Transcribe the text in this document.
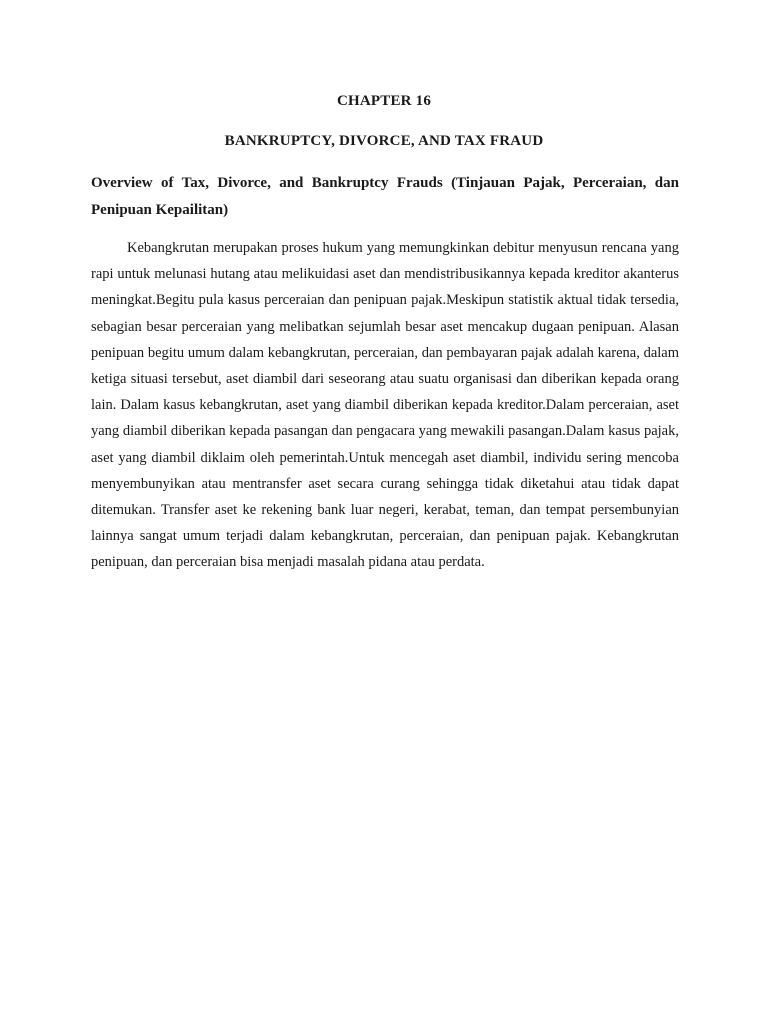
CHAPTER 16
BANKRUPTCY, DIVORCE, AND TAX FRAUD
Overview of Tax, Divorce, and Bankruptcy Frauds (Tinjauan Pajak, Perceraian, dan Penipuan Kepailitan)

Kebangkrutan merupakan proses hukum yang memungkinkan debitur menyusun rencana yang rapi untuk melunasi hutang atau melikuidasi aset dan mendistribusikannya kepada kreditor akanterus meningkat.Begitu pula kasus perceraian dan penipuan pajak.Meskipun statistik aktual tidak tersedia, sebagian besar perceraian yang melibatkan sejumlah besar aset mencakup dugaan penipuan. Alasan penipuan begitu umum dalam kebangkrutan, perceraian, dan pembayaran pajak adalah karena, dalam ketiga situasi tersebut, aset diambil dari seseorang atau suatu organisasi dan diberikan kepada orang lain. Dalam kasus kebangkrutan, aset yang diambil diberikan kepada kreditor.Dalam perceraian, aset yang diambil diberikan kepada pasangan dan pengacara yang mewakili pasangan.Dalam kasus pajak, aset yang diambil diklaim oleh pemerintah.Untuk mencegah aset diambil, individu sering mencoba menyembunyikan atau mentransfer aset secara curang sehingga tidak diketahui atau tidak dapat ditemukan. Transfer aset ke rekening bank luar negeri, kerabat, teman, dan tempat persembunyian lainnya sangat umum terjadi dalam kebangkrutan, perceraian, dan penipuan pajak. Kebangkrutan penipuan, dan perceraian bisa menjadi masalah pidana atau perdata.
